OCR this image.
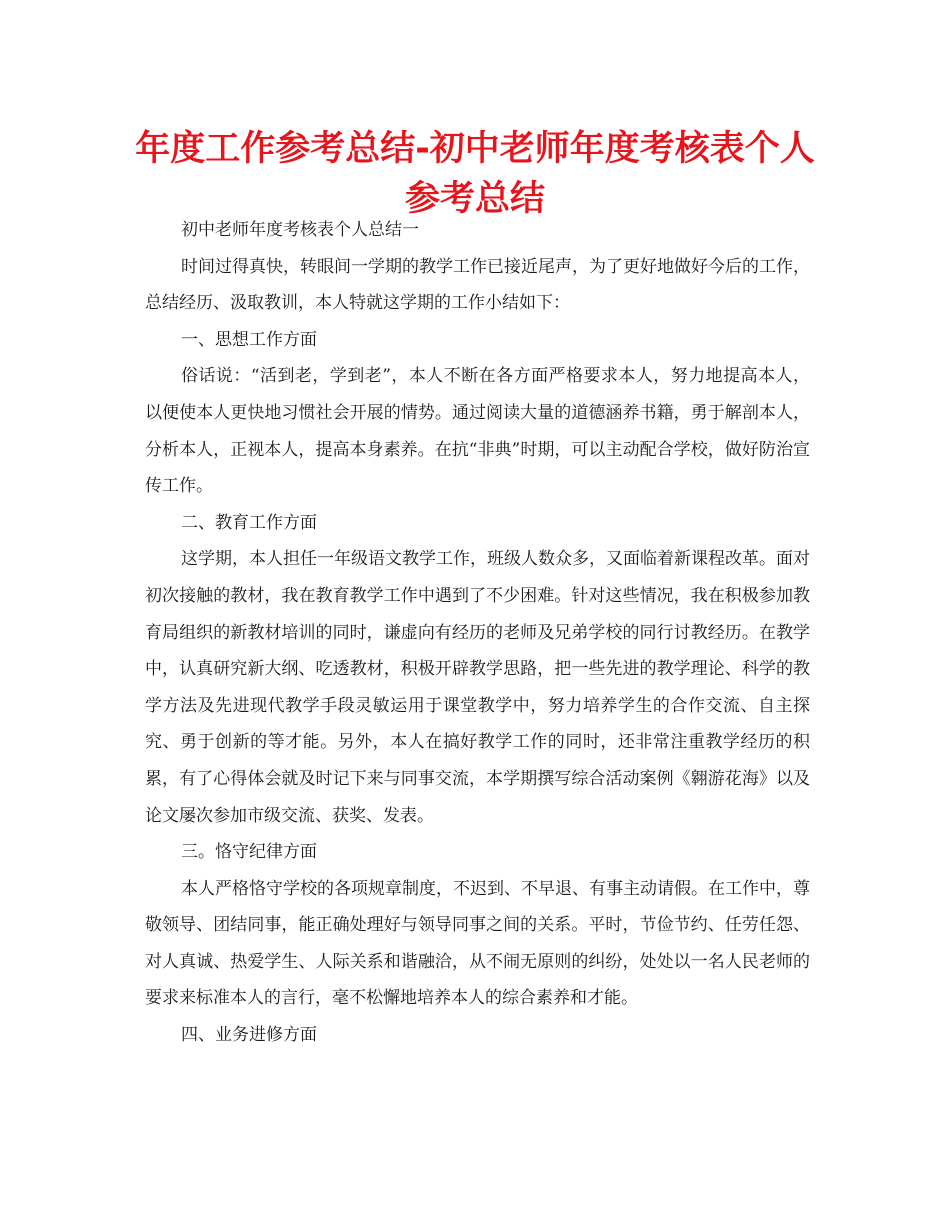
年度工作参考总结-初中老师年度考核表个人参考总结

初中老师年度考核表个人总结一

时间过得真快，转眼间一学期的教学工作已接近尾声，为了更好地做好今后的工作，总结经历、汲取教训，本人特就这学期的工作小结如下：

一、思想工作方面

俗话说：“活到老，学到老”，本人不断在各方面严格要求本人，努力地提高本人，以便使本人更快地习惯社会开展的情势。通过阅读大量的道德涵养书籍，勇于解剖本人，分析本人，正视本人，提高本身素养。在抗“非典”时期，可以主动配合学校，做好防治宣传工作。

二、教育工作方面

这学期，本人担任一年级语文教学工作，班级人数众多，又面临着新课程改革。面对初次接触的教材，我在教育教学工作中遇到了不少困难。针对这些情况，我在积极参加教育局组织的新教材培训的同时，谦虚向有经历的老师及兄弟学校的同行讨教经历。在教学中，认真研究新大纲、吃透教材，积极开辟教学思路，把一些先进的教学理论、科学的教学方法及先进现代教学手段灵敏运用于课堂教学中，努力培养学生的合作交流、自主探究、勇于创新的等才能。另外，本人在搞好教学工作的同时，还非常注重教学经历的积累，有了心得体会就及时记下来与同事交流，本学期撰写综合活动案例《翱游花海》以及论文屡次参加市级交流、获奖、发表。

三。恪守纪律方面

本人严格恪守学校的各项规章制度，不迟到、不早退、有事主动请假。在工作中，尊敬领导、团结同事，能正确处理好与领导同事之间的关系。平时，节俭节约、任劳任怨、对人真诚、热爱学生、人际关系和谐融洽，从不闹无原则的纠纷，处处以一名人民老师的要求来标准本人的言行，毫不松懈地培养本人的综合素养和才能。

四、业务进修方面
